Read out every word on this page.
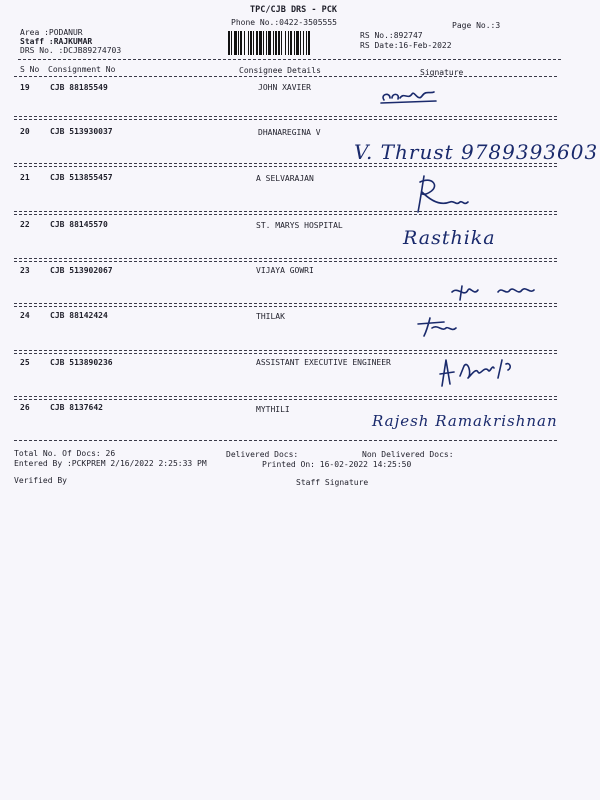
TPC/CJB DRS - PCK
Phone No.:0422-3505555	Page No.:3
Area :PODANUR
Staff :RAJKUMAR
DRS No. :DCJB89274703
RS No.:892747
RS Date:16-Feb-2022
S No Consignment No	Consignee Details	Signature
19	CJB 88185549	JOHN XAVIER
20	CJB 513930037	DHANAREGINA V
V. Thrust 9789393603
21	CJB 513855457	A SELVARAJAN
22	CJB 88145570	ST. MARYS HOSPITAL
Rasthika
23	CJB 513902067	VIJAYA GOWRI
24	CJB 88142424	THILAK
25	CJB 513890236	ASSISTANT EXECUTIVE ENGINEER
26	CJB 8137642	MYTHILI
Rajesh Ramakrishnan
Total No. Of Docs: 26	Delivered Docs:	Non Delivered Docs:
Entered By :PCKPREM 2/16/2022 2:25:33 PM	Printed On: 16-02-2022 14:25:50
Verified By	Staff Signature
